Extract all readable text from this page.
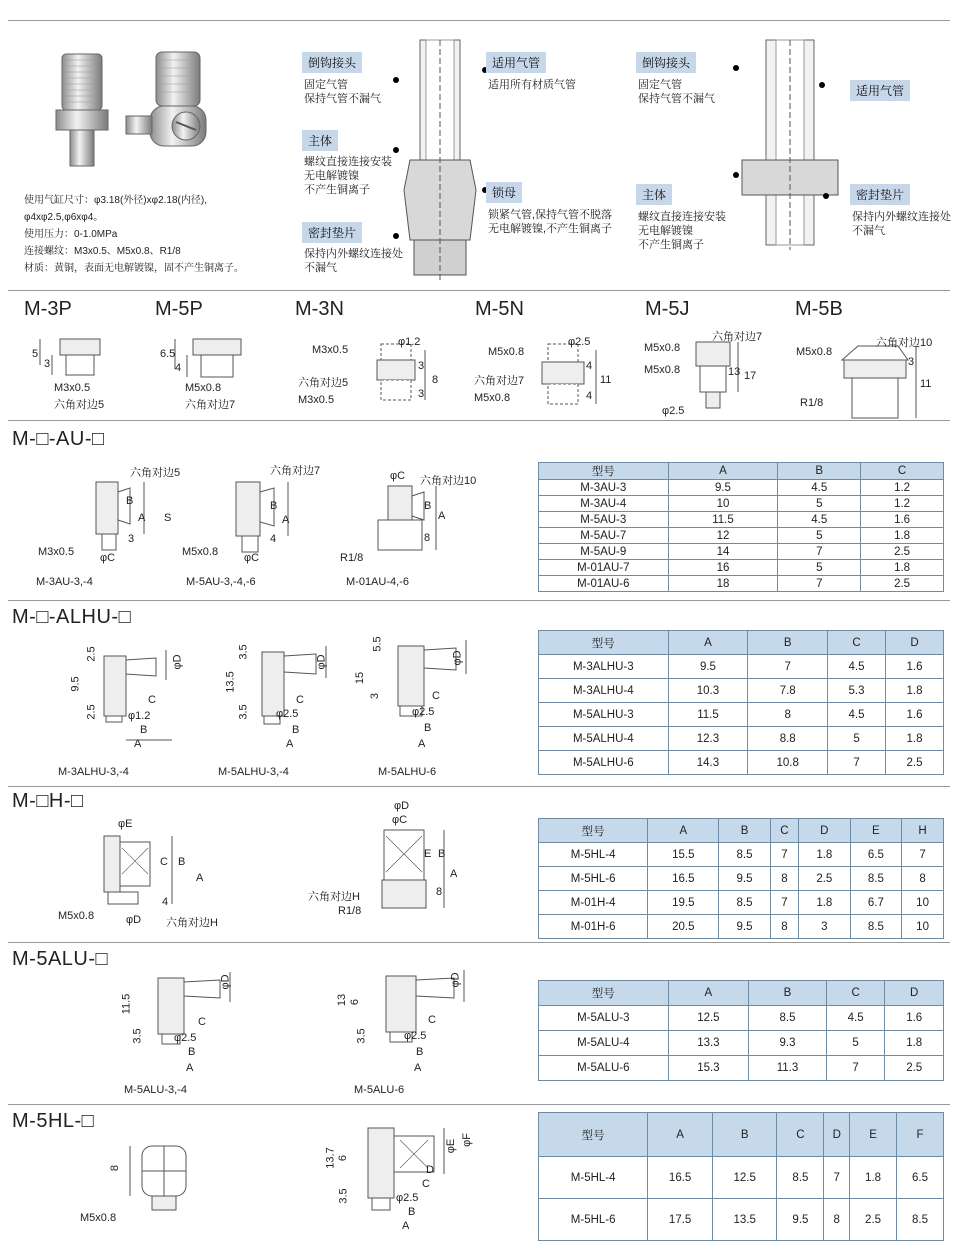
使用气缸尺寸：φ3.18(外径)xφ2.18(内径),
φ4xφ2.5,φ6xφ4。
使用压力：0-1.0MPa
连接螺纹：M3x0.5、M5x0.8、R1/8
材质：黄铜，表面无电解镀镍，固不产生铜离子。
倒钩接头
固定气管
保持气管不漏气
主体
螺纹直接连接安装
无电解镀镍
不产生铜离子
密封垫片
保持内外螺纹连接处
不漏气
适用气管
适用所有材质气管
锁母
锁紧气管,保持气管不脱落
无电解镀镍,不产生铜离子
倒钩接头
固定气管
保持气管不漏气
主体
螺纹直接连接安装
无电解镀镍
不产生铜离子
适用气管
密封垫片
保持内外螺纹连接处
不漏气
M-3P	M-5P	M-3N	M-5N	M-5J	M-5B
5
3
M3x0.5
六角对边5
6.5
4
M5x0.8
六角对边7
M3x0.5
φ1.2
六角对边5
M3x0.5
3
3
8
M5x0.8
φ2.5
六角对边7
M5x0.8
4
4
11
M5x0.8
六角对边7
M5x0.8	13 17
φ2.5
M5x0.8
六角对边10
3
11
R1/8
M-□-AU-□
六角对边5
B
A
3
M3x0.5 φC
S
M-3AU-3,-4
六角对边7
B
A
4
M5x0.8 φC
M-5AU-3,-4,-6
φC 六角对边10
B
A
8
R1/8
M-01AU-4,-6
型号	A	B	C
M-3AU-3	9.5	4.5	1.2
M-3AU-4	10	5	1.2
M-5AU-3	11.5	4.5	1.6
M-5AU-7	12	5	1.8
M-5AU-9	14	7	2.5
M-01AU-7	16	5	1.8
M-01AU-6	18	7	2.5
M-□-ALHU-□
2.5
9.5
2.5
φD
C
φ1.2
B
A
M-3ALHU-3,-4
3.5
13.5
3.5
φD
C
φ2.5
B
A
M-5ALHU-3,-4
5.5
15
3
φD
C
φ2.5
B
A
M-5ALHU-6
型号	A	B	C	D
M-3ALHU-3	9.5	7	4.5	1.6
M-3ALHU-4	10.3	7.8	5.3	1.8
M-5ALHU-3	11.5	8	4.5	1.6
M-5ALHU-4	12.3	8.8	5	1.8
M-5ALHU-6	14.3	10.8	7	2.5
M-□H-□
φE
C B
A
4
M5x0.8	φD 六角对边H
φD
φC
E B
A
8
六角对边H
R1/8
型号	A	B	C	D	E	H
M-5HL-4	15.5	8.5	7	1.8	6.5	7
M-5HL-6	16.5	9.5	8	2.5	8.5	8
M-01H-4	19.5	8.5	7	1.8	6.7	10
M-01H-6	20.5	9.5	8	3	8.5	10
M-5ALU-□
11.5
3.5
φD
C
φ2.5
B
A
M-5ALU-3,-4
13 6
3.5
φD
C
φ2.5
B
A
M-5ALU-6
型号	A	B	C	D
M-5ALU-3	12.5	8.5	4.5	1.6
M-5ALU-4	13.3	9.3	5	1.8
M-5ALU-6	15.3	11.3	7	2.5
M-5HL-□
8
M5x0.8
13.7 6
3.5
φE φF
D
C
φ2.5
B
A
型号	A	B	C	D	E	F
M-5HL-4	16.5	12.5	8.5	7	1.8	6.5
M-5HL-6	17.5	13.5	9.5	8	2.5	8.5
